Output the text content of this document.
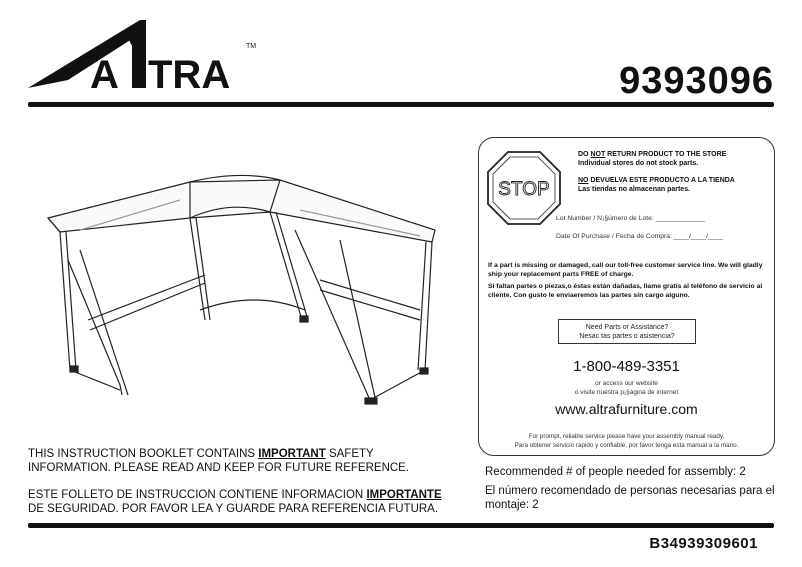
A TRA
TM
9393096
THIS INSTRUCTION BOOKLET CONTAINS IMPORTANT SAFETY
INFORMATION. PLEASE READ AND KEEP FOR FUTURE REFERENCE.
ESTE FOLLETO DE INSTRUCCION CONTIENE INFORMACION IMPORTANTE
DE SEGURIDAD. POR FAVOR LEA Y GUARDE PARA REFERENCIA FUTURA.
STOP
DO NOT RETURN PRODUCT TO THE STORE
Individual stores do not stock parts.
NO DEVUELVA ESTE PRODUCTO A LA TIENDA
Las tiendas no almacenan partes.
Lot Number / N¡§úmero de Lote: _____________
Date Of Purchase / Fecha de Compra: ____/____/____
If a part is missing or damaged, call our toll-free customer service line. We will gladly ship your replacement parts FREE of charge.
Si faltan partes o piezas,o éstas están dañadas, llame gratis al teléfono de servicio al cliente. Con gusto le enviaeremos las partes sin cargo alguno.
Need Parts or Assistance?
Nesac tas partes o asistencia?
1-800-489-3351
or access our website
o visite nuestra p¡§ágina de internet
www.altrafurniture.com
For prompt, reliable service please have your assembly manual ready.
Para obtener servicio rapido y confiable, por favor tenga esta manual a la mano.
Recommended # of people needed for assembly: 2
El número recomendado de personas necesarias para el montaje: 2
B34939309601
